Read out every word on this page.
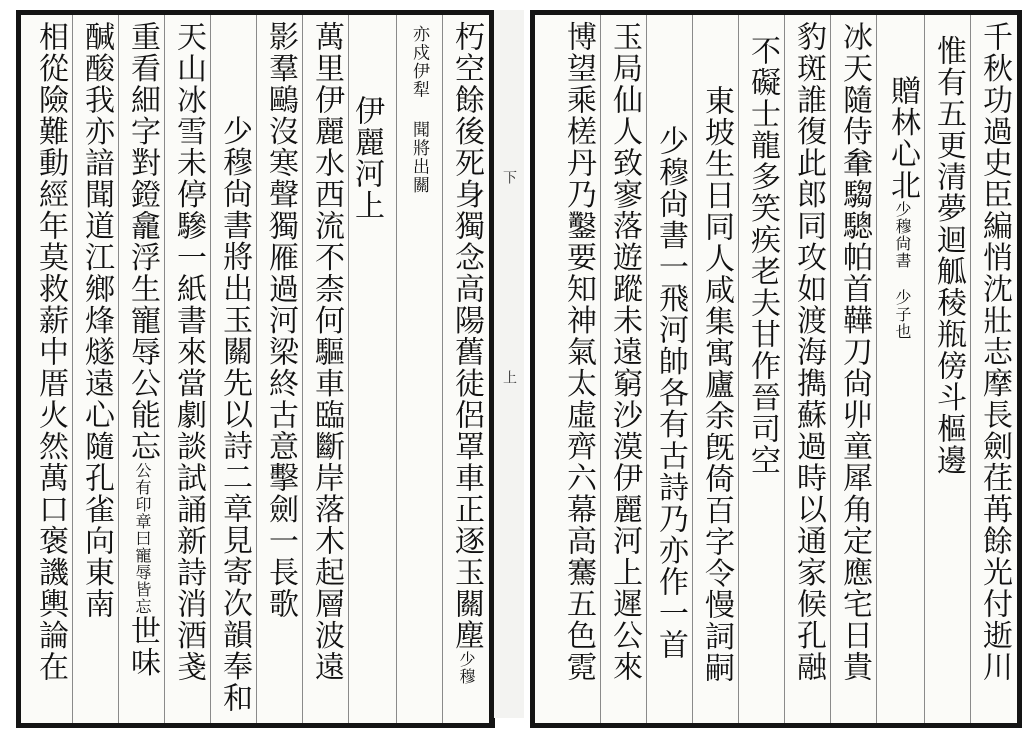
朽空餘後死身獨念高陽舊徒侶罩車正逐玉關塵少穆
亦戍伊犁 聞將出關
伊麗河上
萬里伊麗水西流不柰何驅車臨斷岸落木起層波遠
影羣鷗沒寒聲獨雁過河梁終古意擊劍一長歌
少穆尙書將出玉關先以詩二章見寄次韻奉和
天山冰雪未停驂一紙書來當劇談試誦新詩消酒戔
重看細字對鐙龕浮生寵辱公能忘公有印章曰寵辱皆忘世味
醎酸我亦諳聞道江鄉烽燧遠心隨孔雀向東南
相從險難動經年莫救薪中厝火然萬口褒譏輿論在	下
上	千秋功過史臣編悄沈壯志摩長劍荏苒餘光付逝川
惟有五更清夢迴觚稜瓶傍斗樞邊
贈林心北少穆尙書 少子也
冰天隨侍軬騶驄帕首鞾刀尙丱童犀角定應宅日貴
豹斑誰復此郎同攻如渡海擕蘇過時以通家候孔融
不礙士龍多笑疾老夫甘作晉司空
東坡生日同人咸集寓廬余旣倚百字令慢詞嗣
少穆尙書一飛河帥各有古詩乃亦作一首
玉局仙人致寥落遊蹤未遠窮沙漠伊麗河上遲公來
博望乘槎丹乃鑿要知神氣太虛齊六幕高騫五色霓
